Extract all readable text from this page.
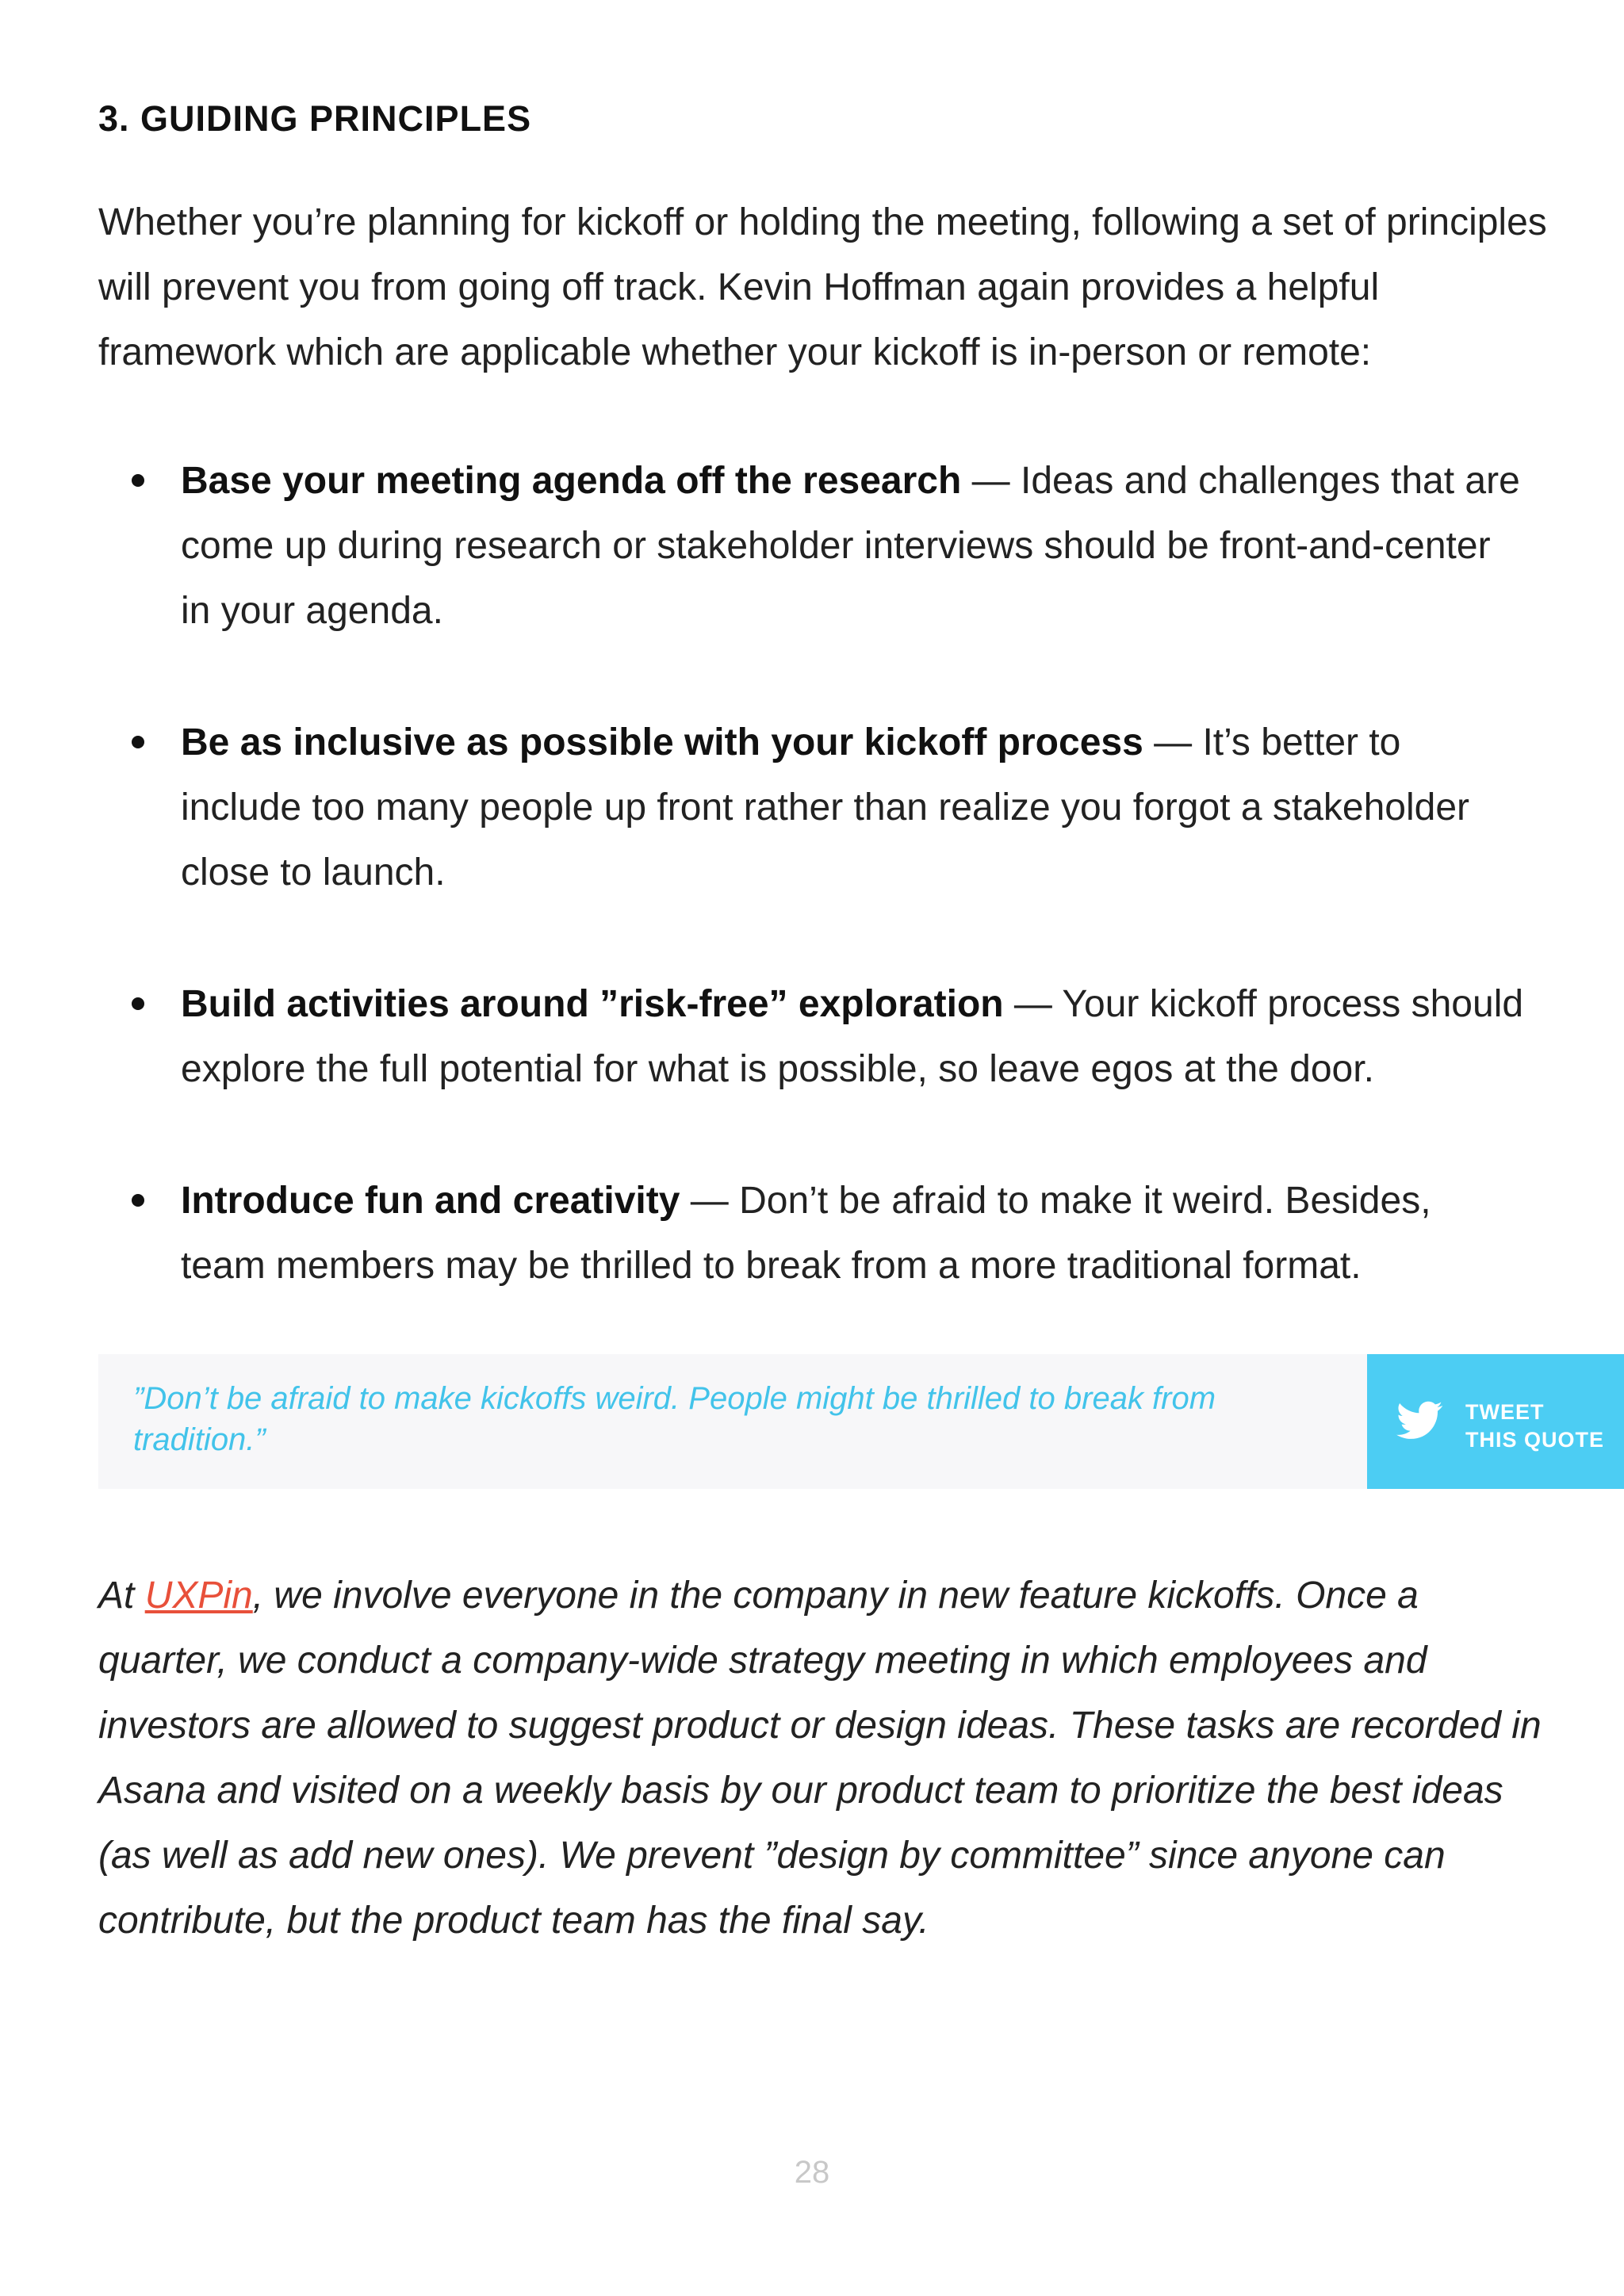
3. GUIDING PRINCIPLES

Whether you’re planning for kickoff or holding the meeting, following a set of principles will prevent you from going off track. Kevin Hoffman again provides a helpful framework which are applicable whether your kickoff is in-person or remote:

Base your meeting agenda off the research — Ideas and challenges that are come up during research or stakeholder interviews should be front-and-center in your agenda.
Be as inclusive as possible with your kickoff process — It’s better to include too many people up front rather than realize you forgot a stakeholder close to launch.
Build activities around ”risk-free” exploration — Your kickoff process should explore the full potential for what is possible, so leave egos at the door.
Introduce fun and creativity — Don’t be afraid to make it weird. Besides, team members may be thrilled to break from a more traditional format.
”Don’t be afraid to make kickoffs weird. People might be thrilled to break from tradition.”
TWEET
THIS QUOTE

At UXPin, we involve everyone in the company in new feature kickoffs. Once a quarter, we conduct a company-wide strategy meeting in which employees and investors are allowed to suggest product or design ideas. These tasks are recorded in Asana and visited on a weekly basis by our product team to prioritize the best ideas (as well as add new ones). We prevent ”design by committee” since anyone can contribute, but the product team has the final say.

28
